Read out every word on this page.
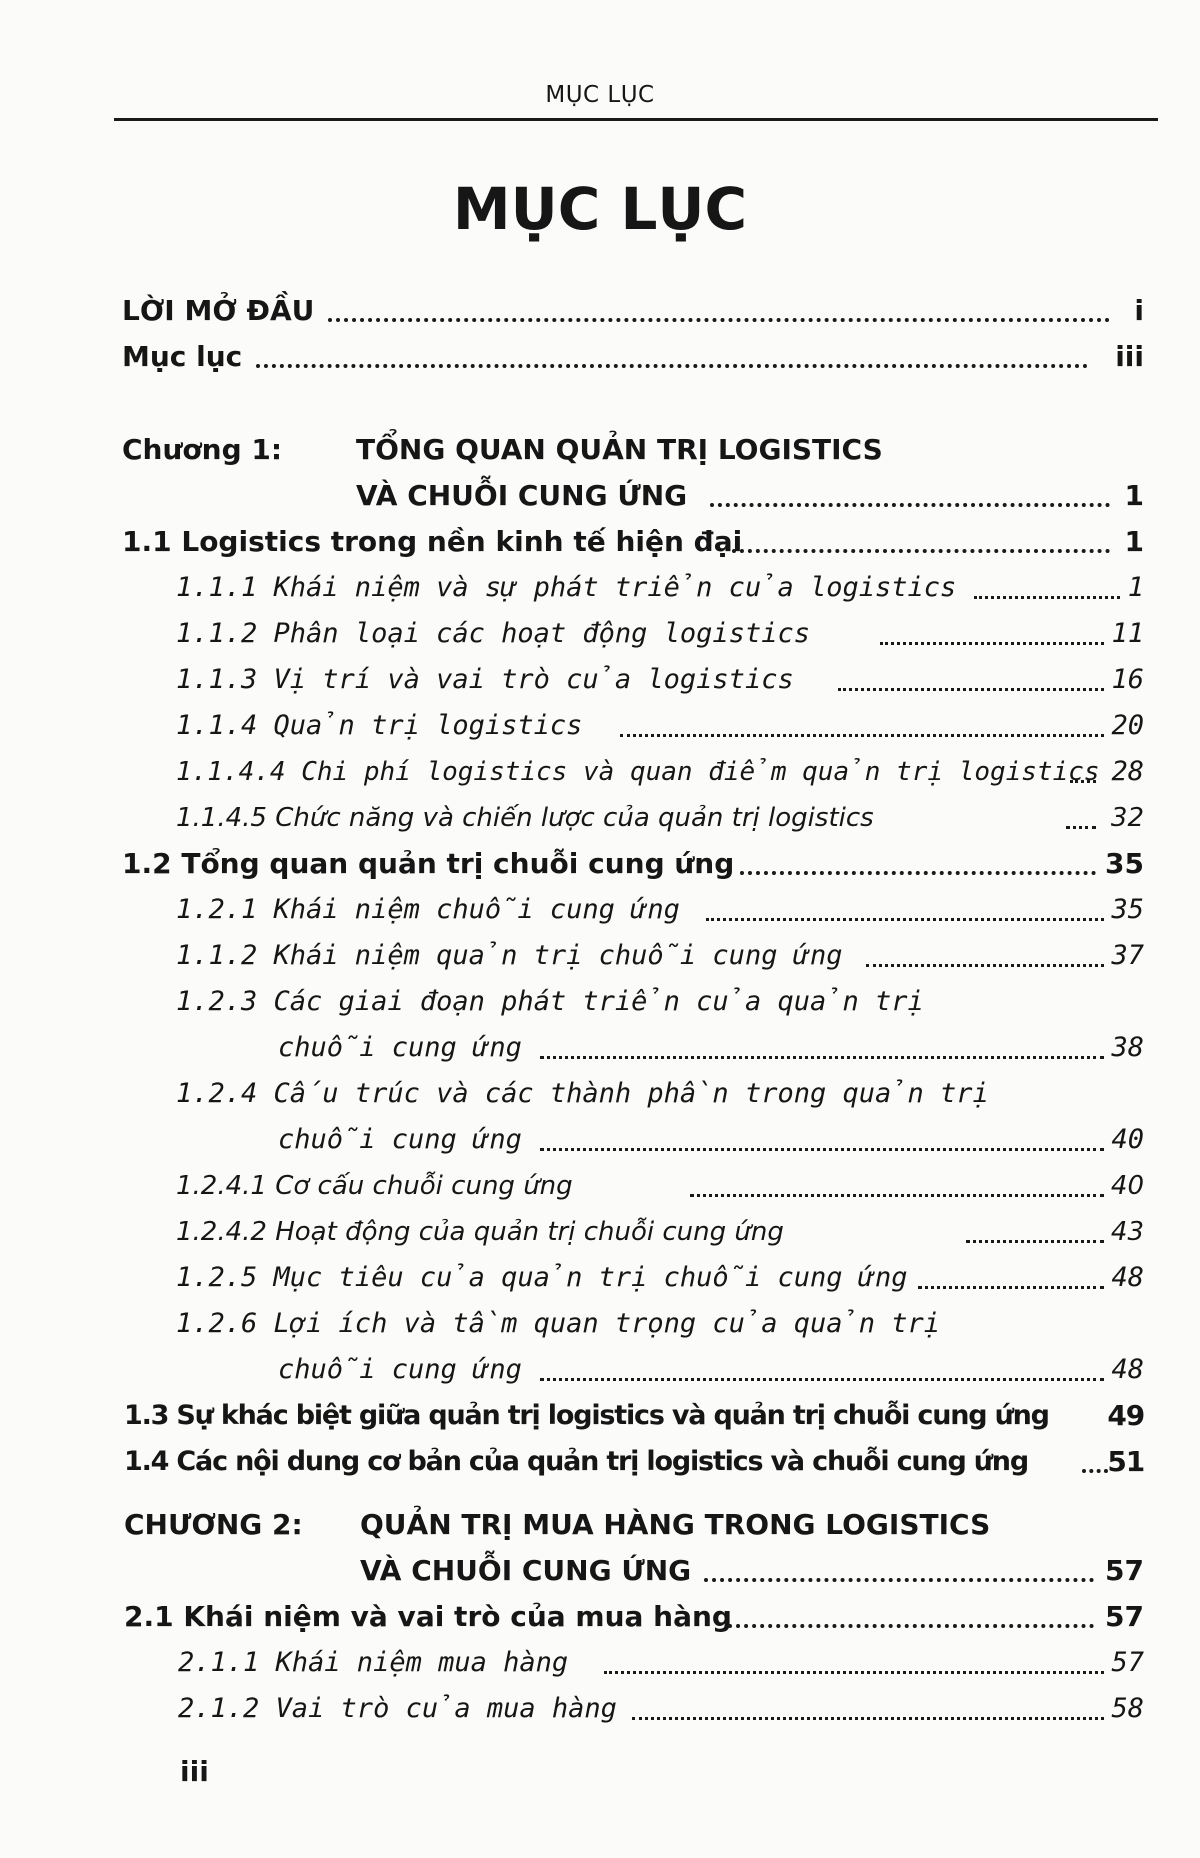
MỤC LỤC
MỤC LỤC
LỜI MỞ ĐẦU	i
Mục lục	iii
Chương 1:	TỔNG QUAN QUẢN TRỊ LOGISTICS
VÀ CHUỖI CUNG ỨNG	1
1.1 Logistics trong nền kinh tế hiện đại	1
1.1.1 Khái niệm và sự phát triển của logistics	1
1.1.2 Phân loại các hoạt động logistics	11
1.1.3 Vị trí và vai trò của logistics	16
1.1.4 Quản trị logistics	20
1.1.4.4 Chi phí logistics và quan điểm quản trị logistics 28
1.1.4.5 Chức năng và chiến lược của quản trị logistics	32
1.2 Tổng quan quản trị chuỗi cung ứng	35
1.2.1 Khái niệm chuỗi cung ứng	35
1.1.2 Khái niệm quản trị chuỗi cung ứng	37
1.2.3 Các giai đoạn phát triển của quản trị
chuỗi cung ứng	38
1.2.4 Cấu trúc và các thành phần trong quản trị
chuỗi cung ứng	40
1.2.4.1 Cơ cấu chuỗi cung ứng	40
1.2.4.2 Hoạt động của quản trị chuỗi cung ứng	43
1.2.5 Mục tiêu của quản trị chuỗi cung ứng	48
1.2.6 Lợi ích và tầm quan trọng của quản trị
chuỗi cung ứng	48
1.3 Sự khác biệt giữa quản trị logistics và quản trị chuỗi cung ứng 49
1.4 Các nội dung cơ bản của quản trị logistics và chuỗi cung ứng	51
CHƯƠNG 2: QUẢN TRỊ MUA HÀNG TRONG LOGISTICS
VÀ CHUỖI CUNG ỨNG	57
2.1 Khái niệm và vai trò của mua hàng	57
2.1.1 Khái niệm mua hàng	57
2.1.2 Vai trò của mua hàng	58
iii
